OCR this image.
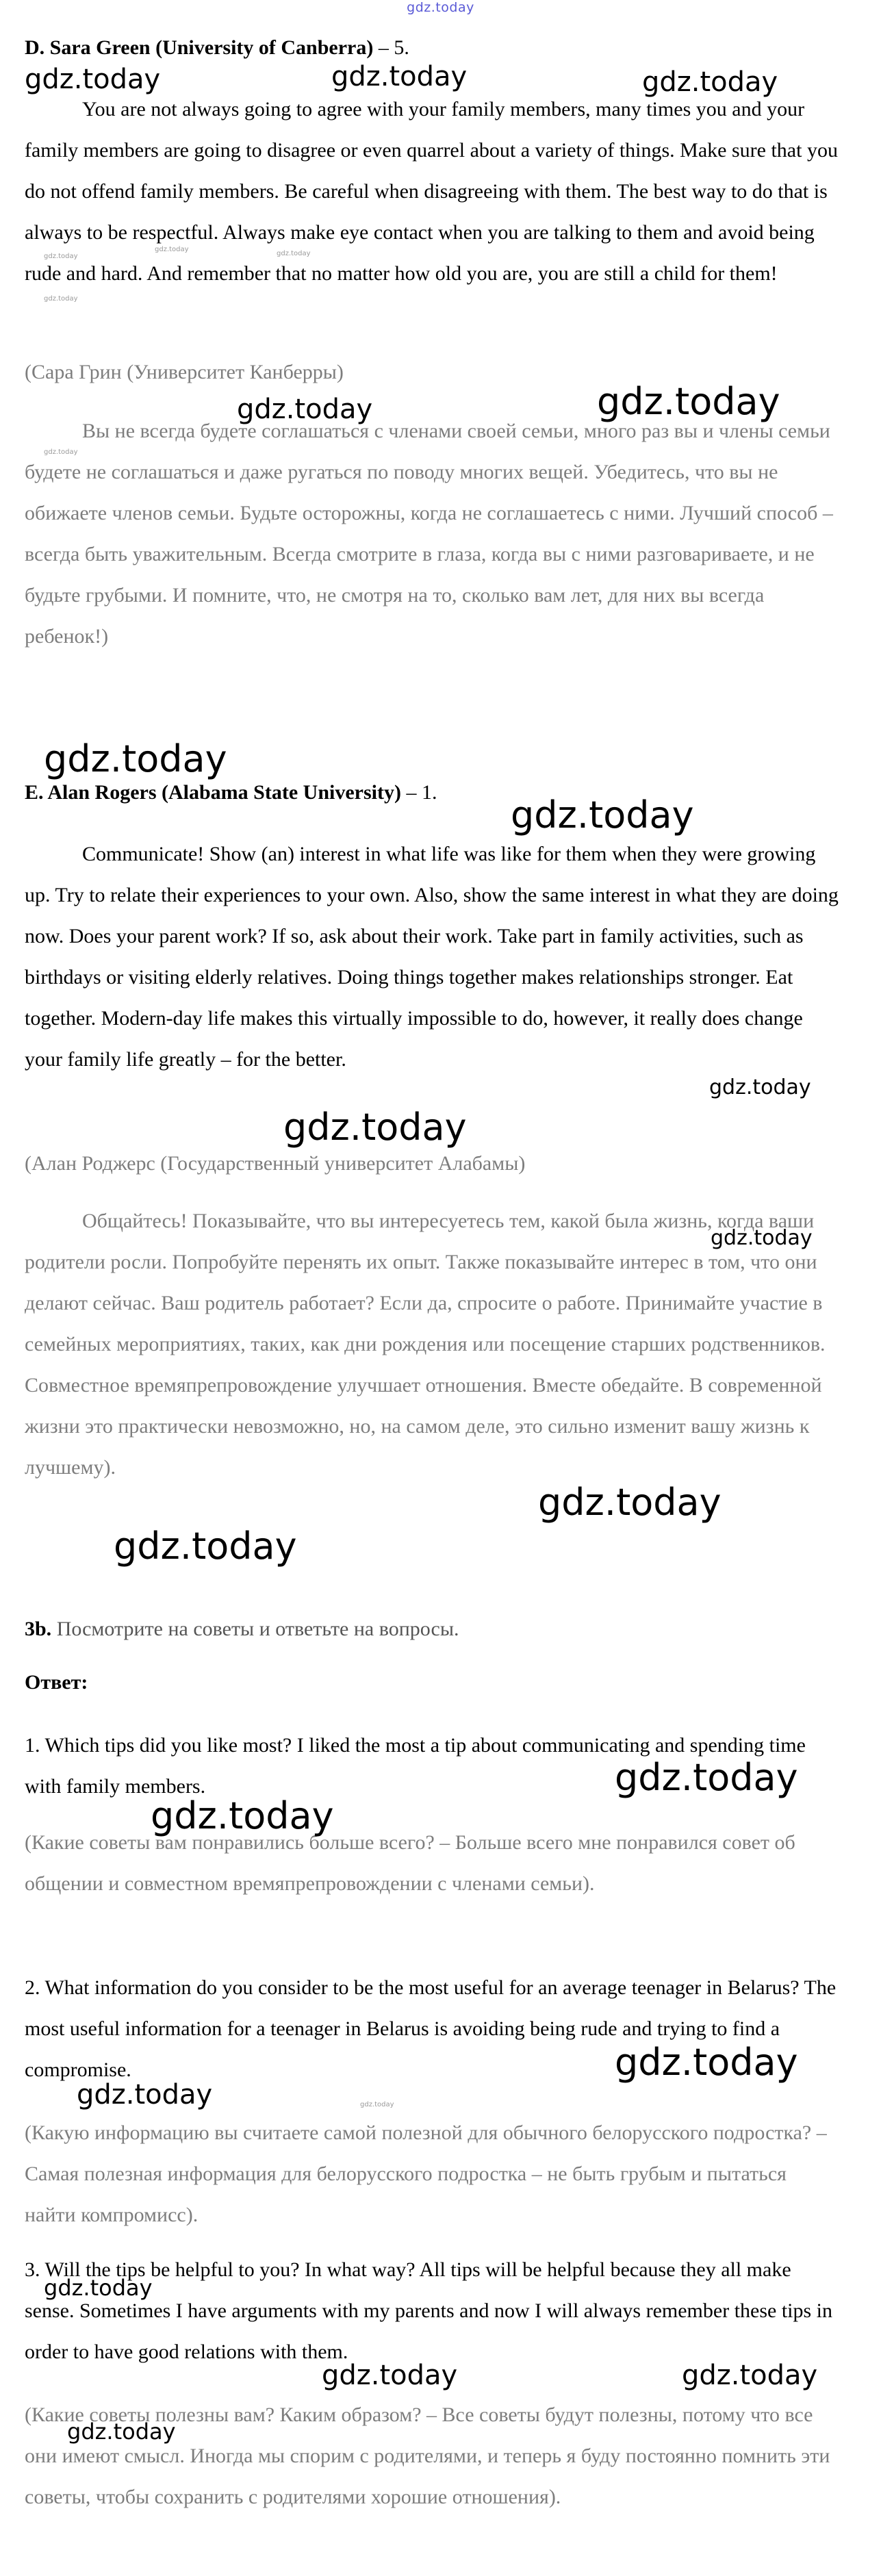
gdz.today
D. Sara Green (University of Canberra) – 5.
You are not always going to agree with your family members, many times you and your family members are going to disagree or even quarrel about a variety of things. Make sure that you do not offend family members. Be careful when disagreeing with them. The best way to do that is always to be respectful. Always make eye contact when you are talking to them and avoid being rude and hard. And remember that no matter how old you are, you are still a child for them!
(Сара Грин (Университет Канберры)
Вы не всегда будете соглашаться с членами своей семьи, много раз вы и члены семьи будете не соглашаться и даже ругаться по поводу многих вещей. Убедитесь, что вы не обижаете членов семьи. Будьте осторожны, когда не соглашаетесь с ними. Лучший способ – всегда быть уважительным. Всегда смотрите в глаза, когда вы с ними разговариваете, и не будьте грубыми. И помните, что, не смотря на то, сколько вам лет, для них вы всегда ребенок!)
E. Alan Rogers (Alabama State University) – 1.
Communicate! Show (an) interest in what life was like for them when they were growing up. Try to relate their experiences to your own. Also, show the same interest in what they are doing now. Does your parent work? If so, ask about their work. Take part in family activities, such as birthdays or visiting elderly relatives. Doing things together makes relationships stronger. Eat together. Modern-day life makes this virtually impossible to do, however, it really does change your family life greatly – for the better.
(Алан Роджерс (Государственный университет Алабамы)
Общайтесь! Показывайте, что вы интересуетесь тем, какой была жизнь, когда ваши родители росли. Попробуйте перенять их опыт. Также показывайте интерес в том, что они делают сейчас. Ваш родитель работает? Если да, спросите о работе. Принимайте участие в семейных мероприятиях, таких, как дни рождения или посещение старших родственников. Совместное времяпрепровождение улучшает отношения. Вместе обедайте. В современной жизни это практически невозможно, но, на самом деле, это сильно изменит вашу жизнь к лучшему).
3b. Посмотрите на советы и ответьте на вопросы.
Ответ:
1. Which tips did you like most? I liked the most a tip about communicating and spending time with family members.
(Какие советы вам понравились больше всего? – Больше всего мне понравился совет об общении и совместном времяпрепровождении с членами семьи).
2. What information do you consider to be the most useful for an average teenager in Belarus? The most useful information for a teenager in Belarus is avoiding being rude and trying to find a compromise.
(Какую информацию вы считаете самой полезной для обычного белорусского подростка? – Самая полезная информация для белорусского подростка – не быть грубым и пытаться найти компромисс).
3. Will the tips be helpful to you? In what way? All tips will be helpful because they all make sense. Sometimes I have arguments with my parents and now I will always remember these tips in order to have good relations with them.
(Какие советы полезны вам? Каким образом? – Все советы будут полезны, потому что все они имеют смысл. Иногда мы спорим с родителями, и теперь я буду постоянно помнить эти советы, чтобы сохранить с родителями хорошие отношения).
gdz.today	gdz.today	gdz.today
gdz.today	gdz.today
gdz.today
gdz.today
gdz.today
gdz.today
gdz.today
gdz.today
gdz.today
gdz.today
gdz.today
gdz.today
gdz.today
gdz.today
gdz.today	gdz.today
gdz.today
gdz.today
gdz.today
gdz.today
gdz.today
gdz.today
gdz.today
